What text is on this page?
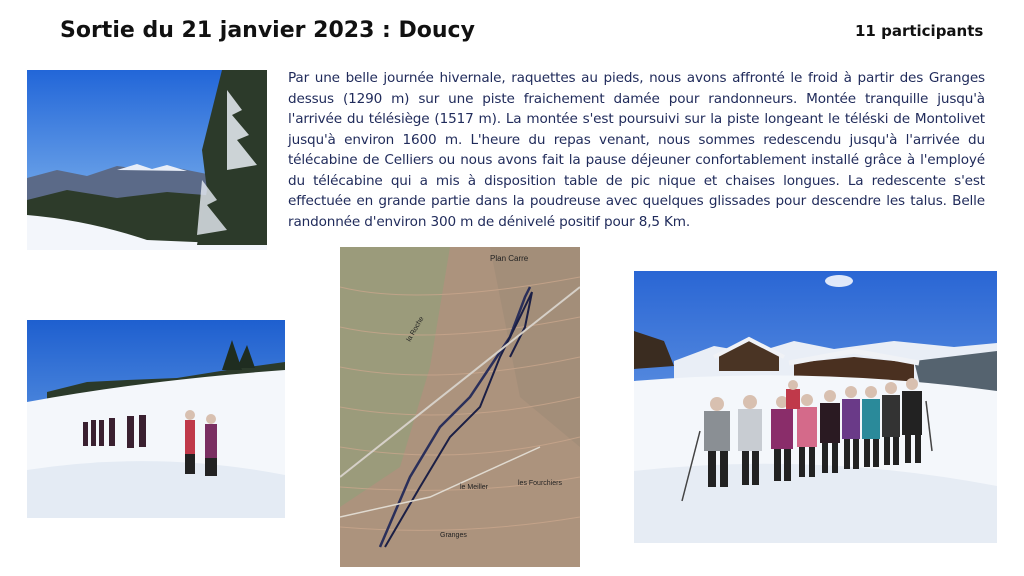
Sortie du 21 janvier 2023 : Doucy	11 participants
Par une belle journée hivernale, raquettes au pieds, nous avons affronté le froid à partir des Granges dessus (1290 m) sur une piste fraichement damée pour randonneurs. Montée tranquille jusqu'à l'arrivée du télésiège (1517 m). La montée s'est poursuivi sur la piste longeant le téléski de Montolivet jusqu'à environ 1600 m. L'heure du repas venant, nous sommes redescendu jusqu'à l'arrivée du télécabine de Celliers ou nous avons fait la pause déjeuner confortablement installé grâce à l'employé du télécabine qui a mis à disposition table de pic nique et chaises longues. La redescente s'est effectuée en grande partie dans la poudreuse avec quelques glissades pour descendre les talus. Belle randonnée d'environ 300 m de dénivelé positif pour 8,5 Km.
Plan Carre
la Roche
le Meiller
les Fourchiers
Granges
